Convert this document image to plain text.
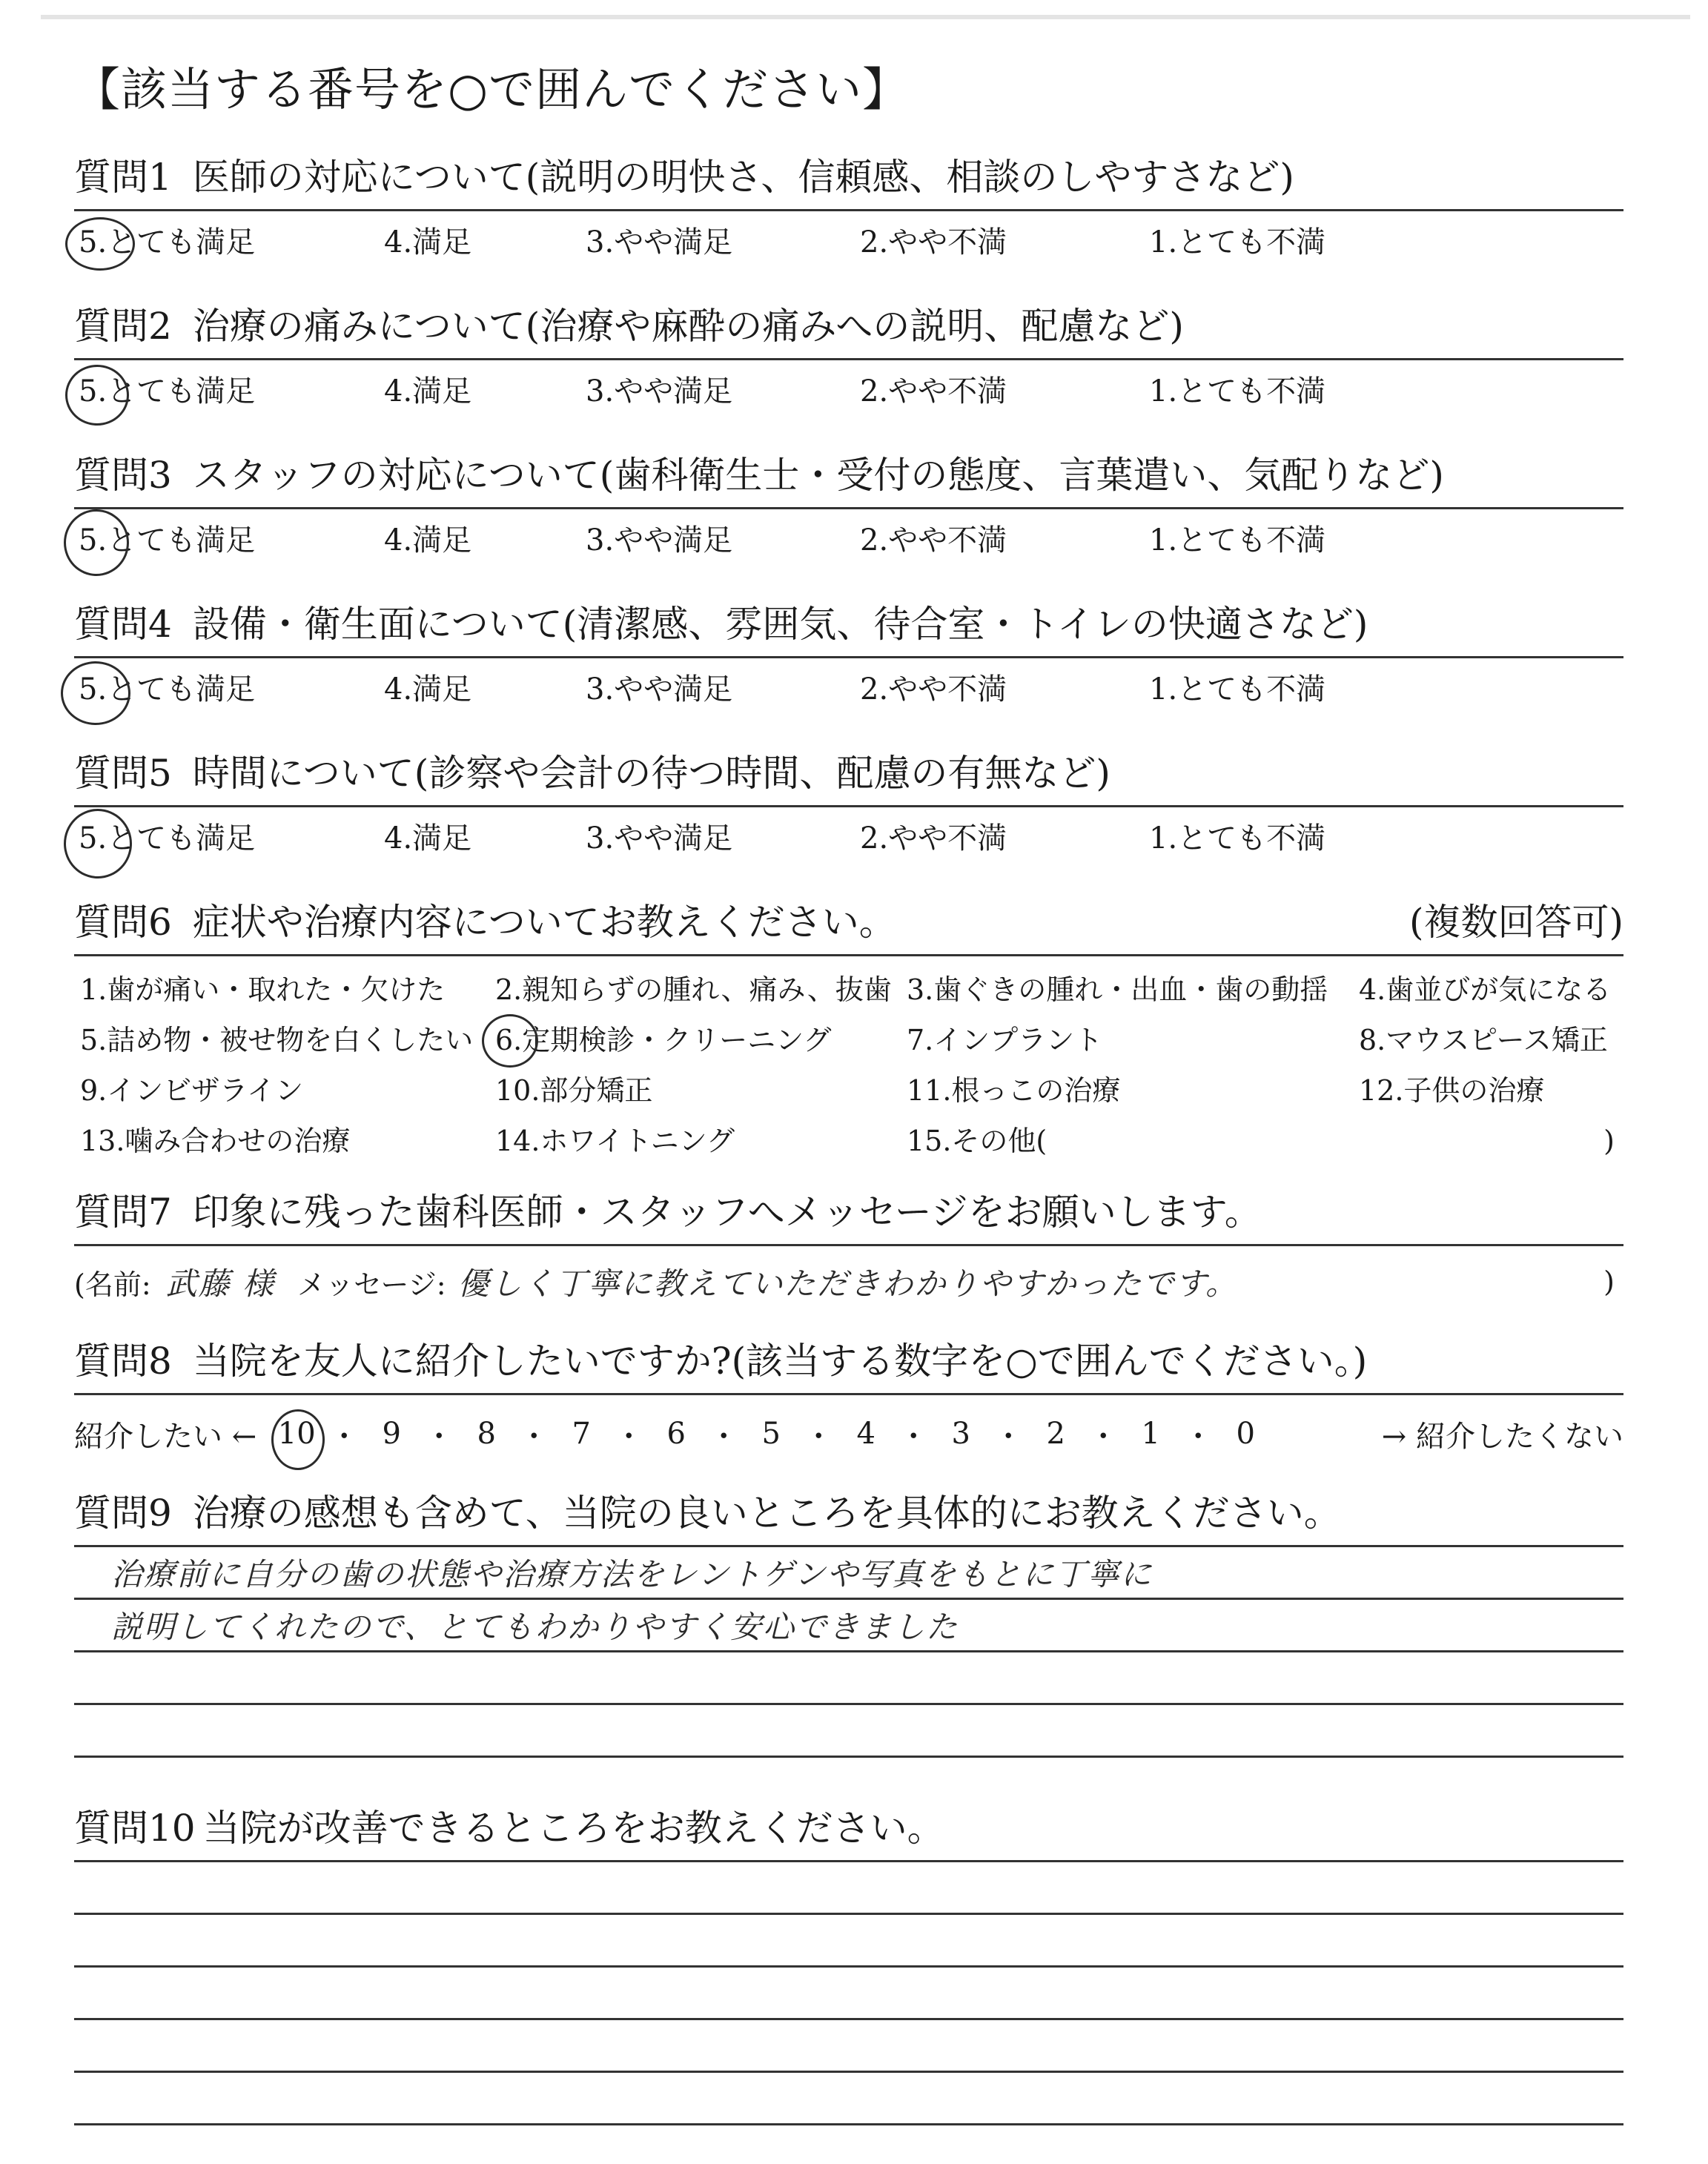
【該当する番号を○で囲んでください】
質問1 医師の対応について(説明の明快さ、信頼感、相談のしやすさなど)
5.とても満足	4.満足	3.やや満足	2.やや不満	1.とても不満
質問2 治療の痛みについて(治療や麻酔の痛みへの説明、配慮など)
5.とても満足	4.満足	3.やや満足	2.やや不満	1.とても不満
質問3 スタッフの対応について(歯科衛生士・受付の態度、言葉遣い、気配りなど)
5.とても満足	4.満足	3.やや満足	2.やや不満	1.とても不満
質問4 設備・衛生面について(清潔感、雰囲気、待合室・トイレの快適さなど)
5.とても満足	4.満足	3.やや満足	2.やや不満	1.とても不満
質問5 時間について(診察や会計の待つ時間、配慮の有無など)
5.とても満足	4.満足	3.やや満足	2.やや不満	1.とても不満
質問6 症状や治療内容についてお教えください。	(複数回答可)
1.歯が痛い・取れた・欠けた	2.親知らずの腫れ、痛み、抜歯 3.歯ぐきの腫れ・出血・歯の動揺	4.歯並びが気になる
5.詰め物・被せ物を白くしたい 6.定期検診・クリーニング	7.インプラント	8.マウスピース矯正
9.インビザライン	10.部分矯正	11.根っこの治療	12.子供の治療
13.噛み合わせの治療	14.ホワイトニング	15.その他(	)
質問7 印象に残った歯科医師・スタッフへメッセージをお願いします。
(名前: 武藤 様 メッセージ: 優しく丁寧に教えていただきわかりやすかったです。	)
質問8 当院を友人に紹介したいですか?(該当する数字を○で囲んでください。)
紹介したい ← 10 ・ 9 ・ 8 ・ 7 ・ 6 ・ 5 ・ 4 ・ 3 ・ 2 ・ 1 ・ 0	→ 紹介したくない
質問9 治療の感想も含めて、当院の良いところを具体的にお教えください。
治療前に自分の歯の状態や治療方法をレントゲンや写真をもとに丁寧に
説明してくれたので、とてもわかりやすく安心できました
質問10 当院が改善できるところをお教えください。
